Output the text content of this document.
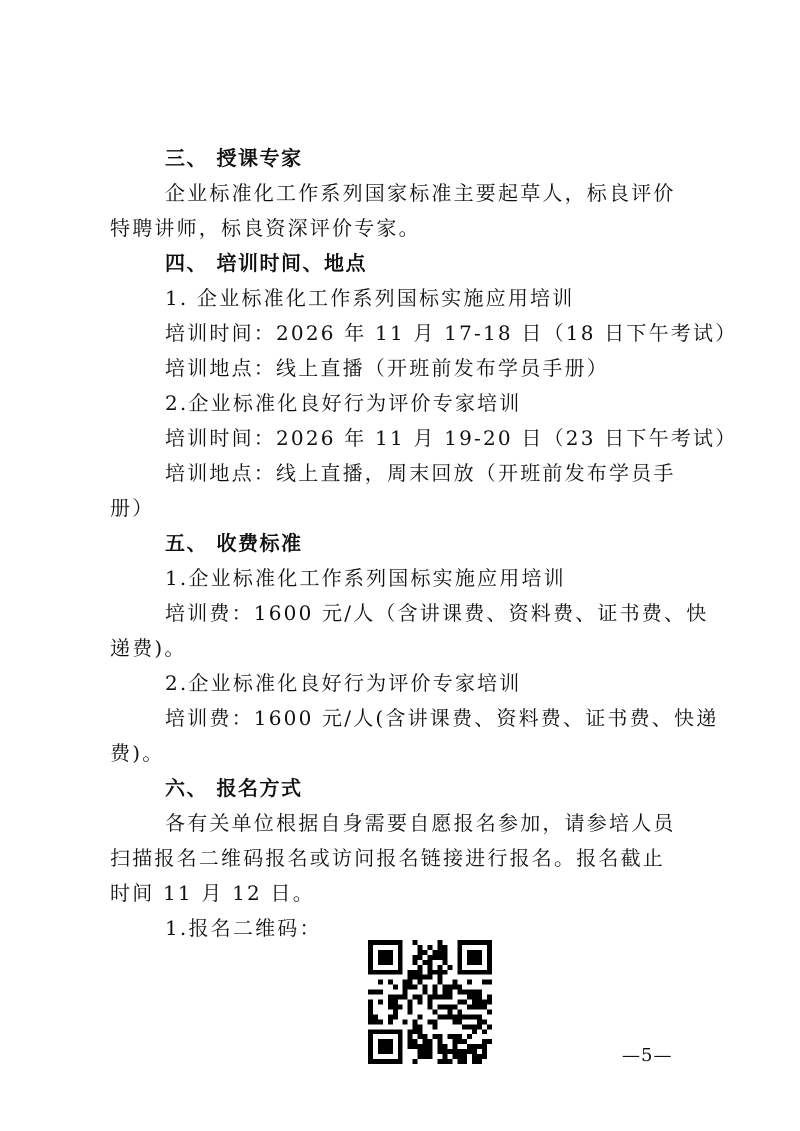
三、 授课专家
企业标准化工作系列国家标准主要起草人，标良评价
特聘讲师，标良资深评价专家。
四、 培训时间、地点
1. 企业标准化工作系列国标实施应用培训
培训时间：2026 年 11 月 17-18 日（18 日下午考试）
培训地点：线上直播（开班前发布学员手册）
2.企业标准化良好行为评价专家培训
培训时间：2026 年 11 月 19-20 日（23 日下午考试）
培训地点：线上直播，周末回放（开班前发布学员手
册）
五、 收费标准
1.企业标准化工作系列国标实施应用培训
培训费：1600 元/人（含讲课费、资料费、证书费、快
递费)。
2.企业标准化良好行为评价专家培训
培训费：1600 元/人(含讲课费、资料费、证书费、快递
费)。
六、 报名方式
各有关单位根据自身需要自愿报名参加，请参培人员
扫描报名二维码报名或访问报名链接进行报名。报名截止
时间 11 月 12 日。
1.报名二维码：
—5—
